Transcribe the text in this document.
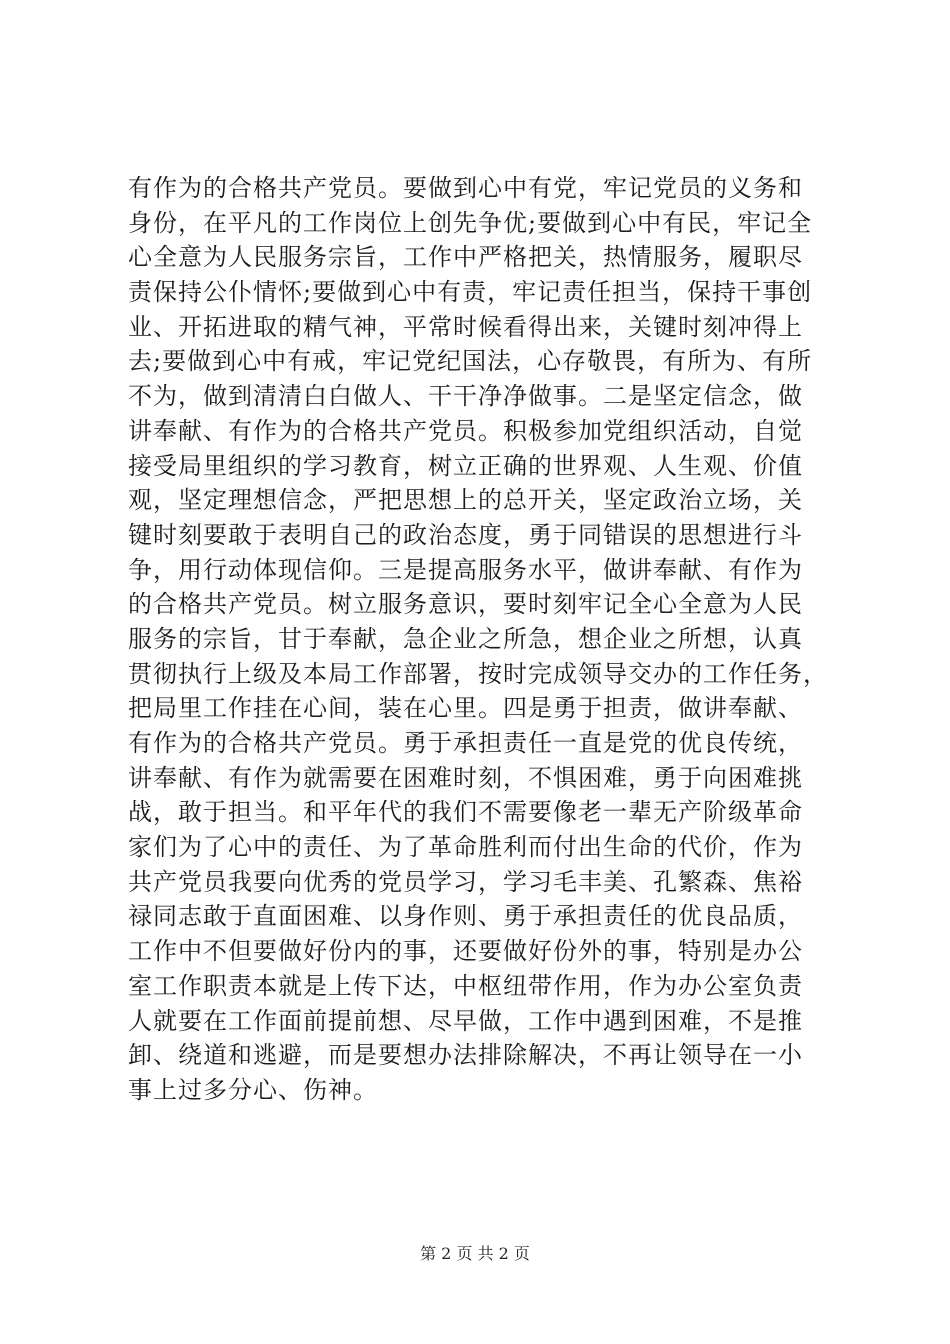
有作为的合格共产党员。要做到心中有党，牢记党员的义务和
身份，在平凡的工作岗位上创先争优;要做到心中有民，牢记全
心全意为人民服务宗旨，工作中严格把关，热情服务，履职尽
责保持公仆情怀;要做到心中有责，牢记责任担当，保持干事创
业、开拓进取的精气神，平常时候看得出来，关键时刻冲得上
去;要做到心中有戒，牢记党纪国法，心存敬畏，有所为、有所
不为，做到清清白白做人、干干净净做事。二是坚定信念，做
讲奉献、有作为的合格共产党员。积极参加党组织活动，自觉
接受局里组织的学习教育，树立正确的世界观、人生观、价值
观，坚定理想信念，严把思想上的总开关，坚定政治立场，关
键时刻要敢于表明自己的政治态度，勇于同错误的思想进行斗
争，用行动体现信仰。三是提高服务水平，做讲奉献、有作为
的合格共产党员。树立服务意识，要时刻牢记全心全意为人民
服务的宗旨，甘于奉献，急企业之所急，想企业之所想，认真
贯彻执行上级及本局工作部署，按时完成领导交办的工作任务，
把局里工作挂在心间，装在心里。四是勇于担责，做讲奉献、
有作为的合格共产党员。勇于承担责任一直是党的优良传统，
讲奉献、有作为就需要在困难时刻，不惧困难，勇于向困难挑
战，敢于担当。和平年代的我们不需要像老一辈无产阶级革命
家们为了心中的责任、为了革命胜利而付出生命的代价，作为
共产党员我要向优秀的党员学习，学习毛丰美、孔繁森、焦裕
禄同志敢于直面困难、以身作则、勇于承担责任的优良品质，
工作中不但要做好份内的事，还要做好份外的事，特别是办公
室工作职责本就是上传下达，中枢纽带作用，作为办公室负责
人就要在工作面前提前想、尽早做，工作中遇到困难，不是推
卸、绕道和逃避，而是要想办法排除解决，不再让领导在一小
事上过多分心、伤神。
第 2 页 共 2 页
